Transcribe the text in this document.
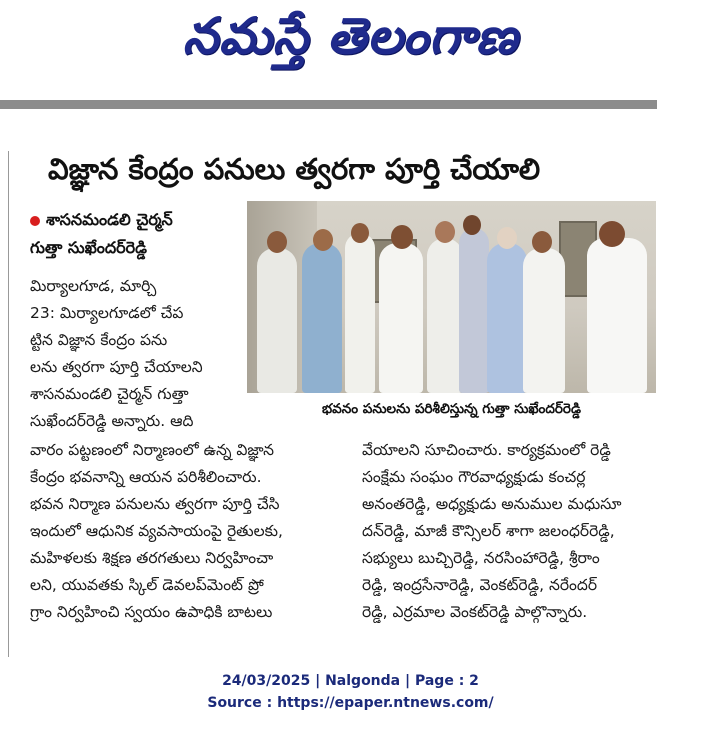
నమస్తే తెలంగాణ
విజ్ఞాన కేంద్రం పనులు త్వరగా పూర్తి చేయాలి
శాసనమండలి చైర్మన్
గుత్తా సుఖేందర్‌రెడ్డి
భవనం పనులను పరిశీలిస్తున్న గుత్తా సుఖేందర్‌రెడ్డి

మిర్యాలగూడ, మార్చి

23: మిర్యాలగూడలో చేప

ట్టిన విజ్ఞాన కేంద్రం పను

లను త్వరగా పూర్తి చేయాలని

శాసనమండలి చైర్మన్ గుత్తా

సుఖేందర్‌రెడ్డి అన్నారు. ఆది

వారం పట్టణంలో నిర్మాణంలో ఉన్న విజ్ఞాన

కేంద్రం భవనాన్ని ఆయన పరిశీలించారు.

భవన నిర్మాణ పనులను త్వరగా పూర్తి చేసి

ఇందులో ఆధునిక వ్యవసాయంపై రైతులకు,

మహిళలకు శిక్షణ తరగతులు నిర్వహించా

లని, యువతకు స్కిల్ డెవలప్‌మెంట్ ప్రో

గ్రాం నిర్వహించి స్వయం ఉపాధికి బాటలు

వేయాలని సూచించారు. కార్యక్రమంలో రెడ్డి

సంక్షేమ సంఘం గౌరవాధ్యక్షుడు కంచర్ల

అనంతరెడ్డి, అధ్యక్షుడు అనుముల మధుసూ

దన్‌రెడ్డి, మాజీ కౌన్సిలర్ శాగా జలంధర్‌రెడ్డి,

సభ్యులు బుచ్చిరెడ్డి, నరసింహారెడ్డి, శ్రీరాం

రెడ్డి, ఇంద్రసేనారెడ్డి, వెంకట్‌రెడ్డి, నరేందర్

రెడ్డి, ఎర్రమాల వెంకట్‌రెడ్డి పాల్గొన్నారు.

24/03/2025 | Nalgonda | Page : 2
Source : https://epaper.ntnews.com/
